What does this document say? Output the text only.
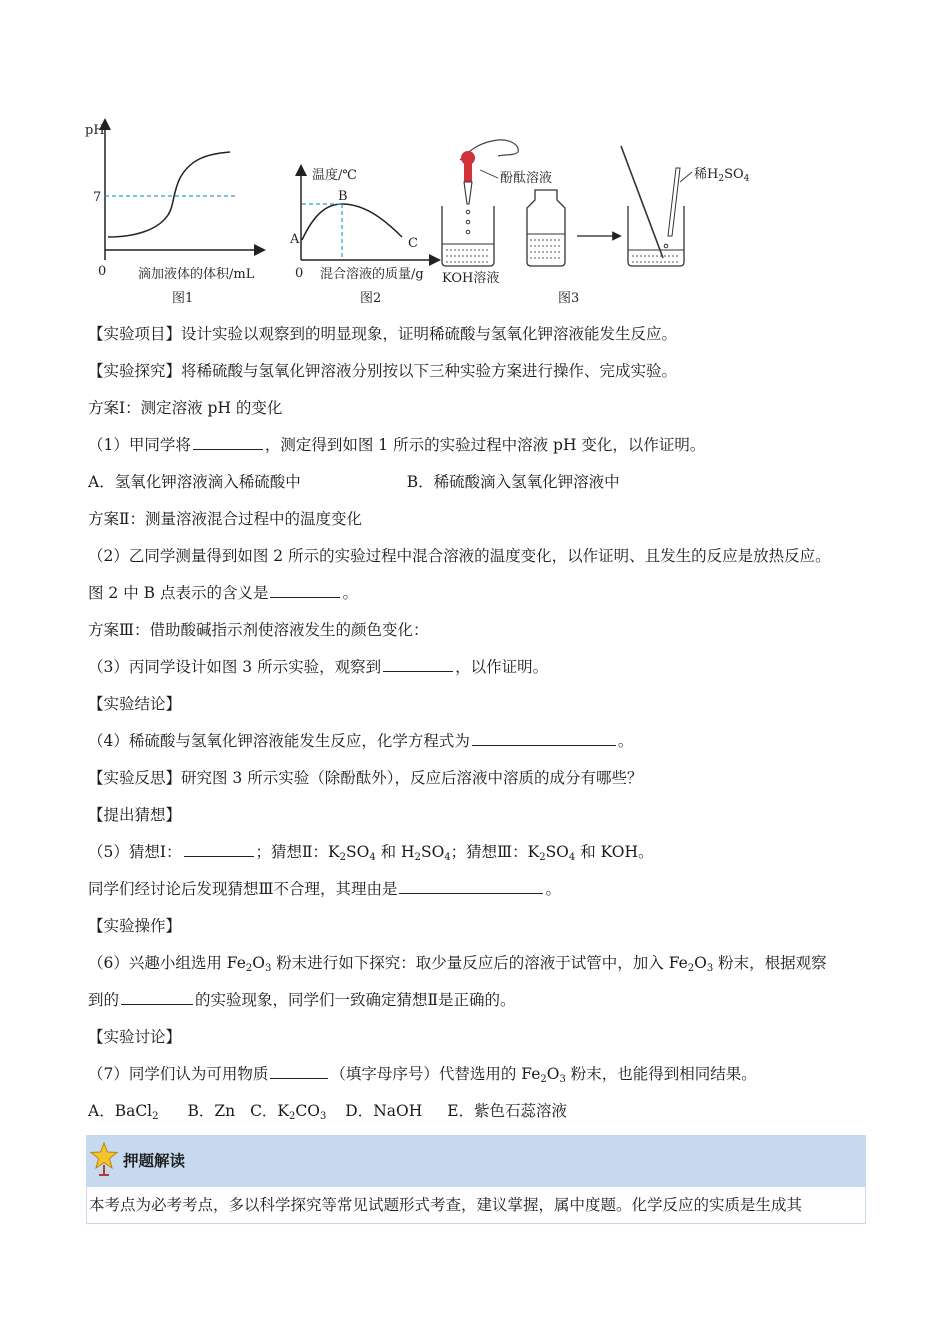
pH
7
0 滴加液体的体积/mL
图1
温度/℃
0
A
B
C
混合溶液的质量/g
图2
酚酞溶液
KOH溶液
稀$H_2SO_4$
图3
【实验项目】设计实验以观察到的明显现象，证明稀硫酸与氢氧化钾溶液能发生反应。
【实验探究】将稀硫酸与氢氧化钾溶液分别按以下三种实验方案进行操作、完成实验。
方案Ⅰ：测定溶液 pH 的变化
（1）甲同学将	，测定得到如图 1 所示的实验过程中溶液 pH 变化，以作证明。
A．氢氧化钾溶液滴入稀硫酸中	B．稀硫酸滴入氢氧化钾溶液中
方案Ⅱ：测量溶液混合过程中的温度变化
（2）乙同学测量得到如图 2 所示的实验过程中混合溶液的温度变化，以作证明、且发生的反应是放热反应。
图 2 中 B 点表示的含义是	。
方案Ⅲ：借助酸碱指示剂使溶液发生的颜色变化：
（3）丙同学设计如图 3 所示实验，观察到	，以作证明。
【实验结论】
（4）稀硫酸与氢氧化钾溶液能发生反应，化学方程式为	。
【实验反思】研究图 3 所示实验（除酚酞外），反应后溶液中溶质的成分有哪些？
【提出猜想】
（5）猜想Ⅰ：	；猜想Ⅱ：$K_2SO_4$ 和 $H_2SO_4$；猜想Ⅲ：$K_2SO_4$ 和 KOH。
同学们经讨论后发现猜想Ⅲ不合理，其理由是	。
【实验操作】
（6）兴趣小组选用 $Fe_2O_3$ 粉末进行如下探究：取少量反应后的溶液于试管中，加入 $Fe_2O_3$ 粉末，根据观察
到的	的实验现象，同学们一致确定猜想Ⅱ是正确的。
【实验讨论】
（7）同学们认为可用物质	（填字母序号）代替选用的 $Fe_2O_3$ 粉末，也能得到相同结果。
A．BaCl$_2$ B．Zn C．$K_2CO_3$ D．NaOH E．紫色石蕊溶液
押题解读
本考点为必考考点，多以科学探究等常见试题形式考查，建议掌握，属中度题。化学反应的实质是生成其
